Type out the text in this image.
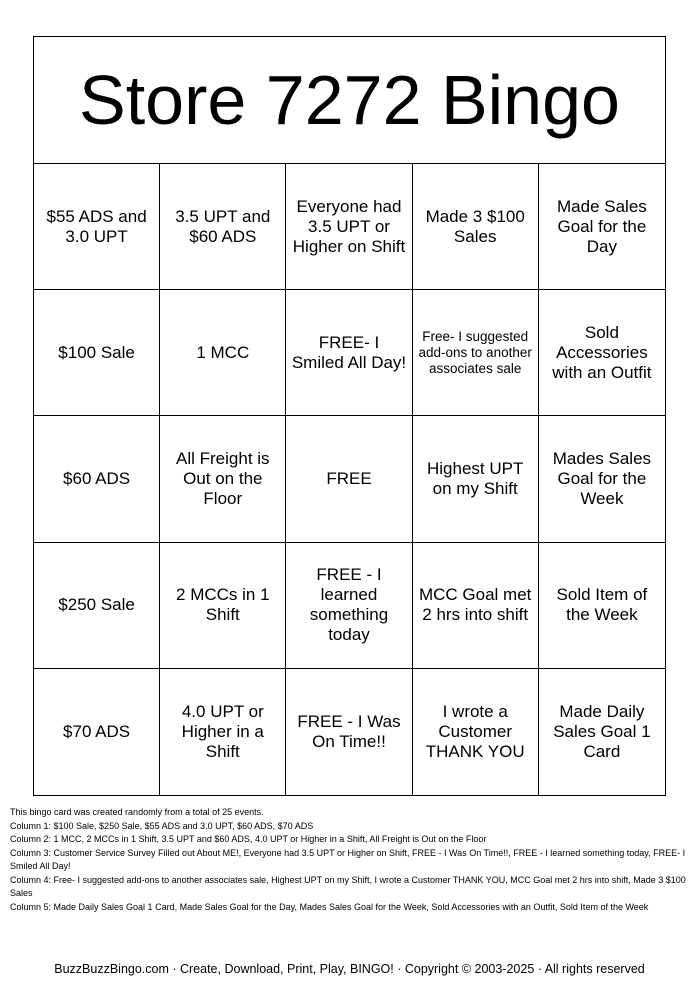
Store 7272 Bingo
$55 ADS and 3.0 UPT
3.5 UPT and $60 ADS
Everyone had 3.5 UPT or Higher on Shift
Made 3 $100 Sales
Made Sales Goal for the Day
$100 Sale	1 MCC
FREE- I Smiled All Day!
Free- I suggested add-ons to another associates sale
Sold Accessories with an Outfit
$60 ADS
All Freight is Out on the Floor
FREE
Highest UPT on my Shift
Mades Sales Goal for the Week
$250 Sale
2 MCCs in 1 Shift
FREE - I learned something today
MCC Goal met 2 hrs into shift
Sold Item of the Week
$70 ADS
4.0 UPT or Higher in a Shift
FREE - I Was On Time!!
I wrote a Customer THANK YOU
Made Daily Sales Goal 1 Card
This bingo card was created randomly from a total of 25 events.
Column 1: $100 Sale, $250 Sale, $55 ADS and 3.0 UPT, $60 ADS, $70 ADS
Column 2: 1 MCC, 2 MCCs in 1 Shift, 3.5 UPT and $60 ADS, 4.0 UPT or Higher in a Shift, All Freight is Out on the Floor
Column 3: Customer Service Survey Filled out About ME!, Everyone had 3.5 UPT or Higher on Shift, FREE - I Was On Time!!, FREE - I learned something today, FREE- I Smiled All Day!
Column 4: Free- I suggested add-ons to another associates sale, Highest UPT on my Shift, I wrote a Customer THANK YOU, MCC Goal met 2 hrs into shift, Made 3 $100 Sales
Column 5: Made Daily Sales Goal 1 Card, Made Sales Goal for the Day, Mades Sales Goal for the Week, Sold Accessories with an Outfit, Sold Item of the Week
BuzzBuzzBingo.com · Create, Download, Print, Play, BINGO! · Copyright © 2003-2025 · All rights reserved
